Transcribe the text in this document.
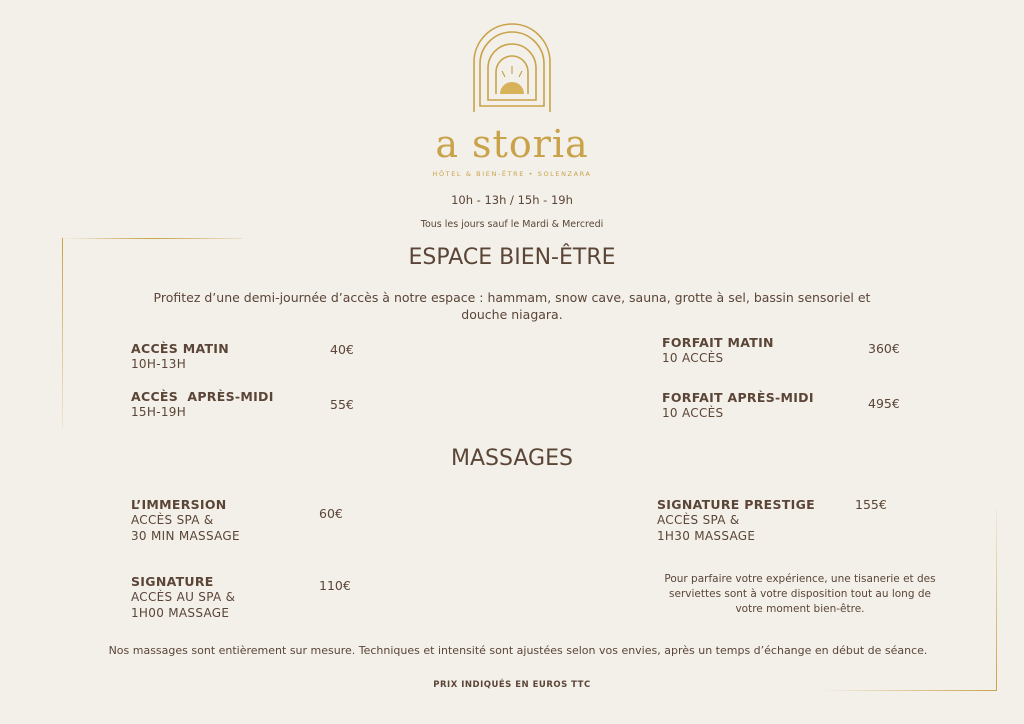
a storia
HÔTEL & BIEN-ÊTRE • SOLENZARA
10h - 13h / 15h - 19h
Tous les jours sauf le Mardi & Mercredi
ESPACE BIEN-ÊTRE
Profitez d’une demi-journée d’accès à notre espace : hammam, snow cave, sauna, grotte à sel, bassin sensoriel et douche niagara.
ACCÈS MATIN
10H-13H
40€
ACCÈS  APRÈS-MIDI
15H-19H	55€
FORFAIT MATIN
10 ACCÈS
360€
FORFAIT APRÈS-MIDI
10 ACCÈS
495€
MASSAGES
L’IMMERSION
ACCÈS SPA &
30 MIN MASSAGE
60€
SIGNATURE
ACCÈS AU SPA &
1H00 MASSAGE
110€
SIGNATURE PRESTIGE
ACCÈS SPA &
1H30 MASSAGE
155€
Pour parfaire votre expérience, une tisanerie et des serviettes sont à votre disposition tout au long de votre moment bien-être.
Nos massages sont entièrement sur mesure. Techniques et intensité sont ajustées selon vos envies, après un temps d’échange en début de séance.
PRIX INDIQUÉS EN EUROS TTC
